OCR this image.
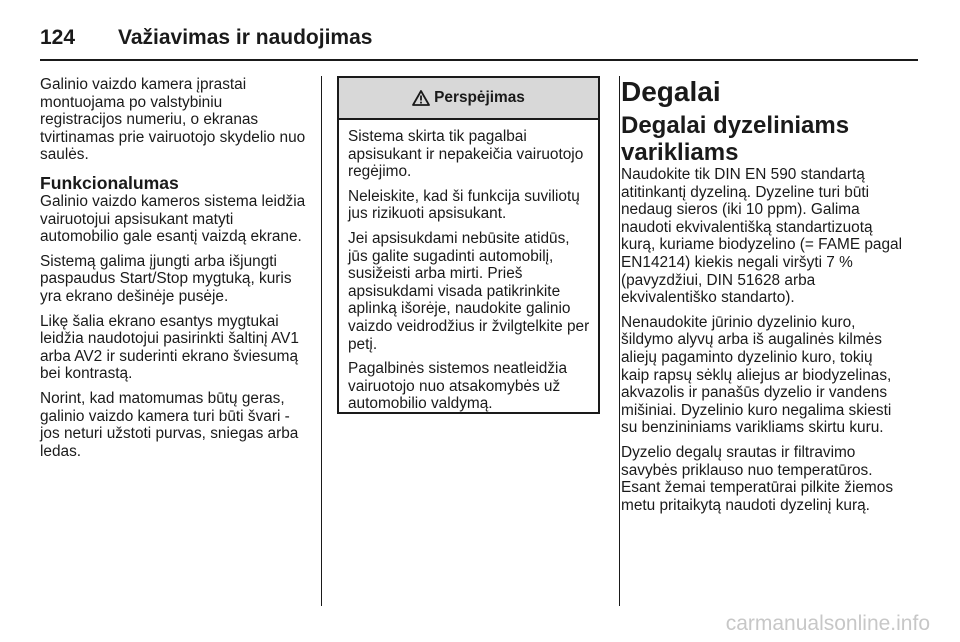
124	Važiavimas ir naudojimas

Galinio vaizdo kamera įprastai montuojama po valstybiniu registracijos numeriu, o ekranas tvirtinamas prie vairuotojo skydelio nuo saulės.

Funkcionalumas

Galinio vaizdo kameros sistema leidžia vairuotojui apsisukant matyti automobilio gale esantį vaizdą ekrane.

Sistemą galima įjungti arba išjungti paspaudus Start/Stop mygtuką, kuris yra ekrano dešinėje pusėje.

Likę šalia ekrano esantys mygtukai leidžia naudotojui pasirinkti šaltinį AV1 arba AV2 ir suderinti ekrano šviesumą bei kontrastą.

Norint, kad matomumas būtų geras, galinio vaizdo kamera turi būti švari - jos neturi užstoti purvas, sniegas arba ledas.

Perspėjimas

Sistema skirta tik pagalbai apsisukant ir nepakeičia vairuotojo regėjimo.

Neleiskite, kad ši funkcija suviliotų jus rizikuoti apsisukant.

Jei apsisukdami nebūsite atidūs, jūs galite sugadinti automobilį, susižeisti arba mirti. Prieš apsisukdami visada patikrinkite aplinką išorėje, naudokite galinio vaizdo veidrodžius ir žvilgtelkite per petį.

Pagalbinės sistemos neatleidžia vairuotojo nuo atsakomybės už automobilio valdymą.

Degalai
Degalai dyzeliniams varikliams

Naudokite tik DIN EN 590 standartą atitinkantį dyzeliną. Dyzeline turi būti nedaug sieros (iki 10 ppm). Galima naudoti ekvivalentišką standartizuotą kurą, kuriame biodyzelino (= FAME pagal EN14214) kiekis negali viršyti 7 % (pavyzdžiui, DIN 51628 arba ekvivalentiško standarto).

Nenaudokite jūrinio dyzelinio kuro, šildymo alyvų arba iš augalinės kilmės aliejų pagaminto dyzelinio kuro, tokių kaip rapsų sėklų aliejus ar biodyzelinas, akvazolis ir panašūs dyzelio ir vandens mišiniai. Dyzelinio kuro negalima skiesti su benzininiams varikliams skirtu kuru.

Dyzelio degalų srautas ir filtravimo savybės priklauso nuo temperatūros. Esant žemai temperatūrai pilkite žiemos metu pritaikytą naudoti dyzelinį kurą.

carmanualsonline.info
